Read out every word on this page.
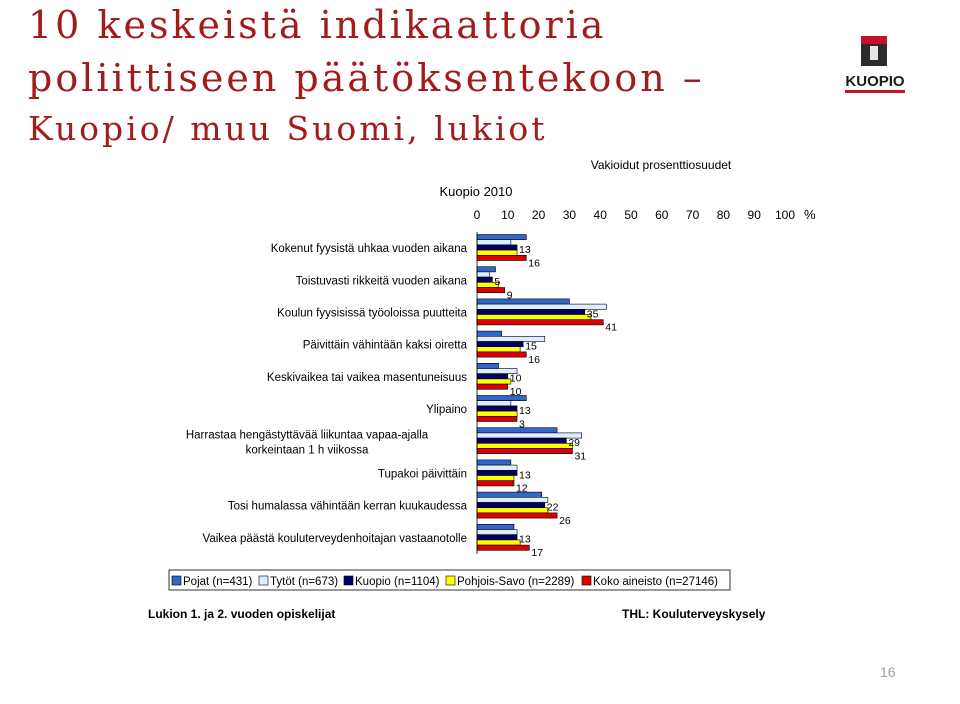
10 keskeistä indikaattoria
poliittiseen päätöksentekoon –
Kuopio/ muu Suomi, lukiot
KUOPIO
Kuopio 2010
Vakioidut prosenttiosuudet
%
0 10 20 30 40 50 60 70 80 90 100
Kokenut fyysistä uhkaa vuoden aikana
Toistuvasti rikkeitä vuoden aikana
Koulun fyysisissä työoloissa puutteita
Päivittäin vähintään kaksi oiretta
Keskivaikea tai vaikea masentuneisuus
Ylipaino
Harrastaa hengästyttävää liikuntaa vapaa-ajalla korkeintaan 1 h viikossa
Tupakoi päivittäin
Tosi humalassa vähintään kerran kuukaudessa
Vaikea päästä kouluterveydenhoitajan vastaanotolle
13
16
5
9
35
41
15
16
10
10
13
3
29
31
13
12
22
26
13
17
Pojat (n=431) Tytöt (n=673) Kuopio (n=1104) Pohjois-Savo (n=2289) Koko aineisto (n=27146)
Lukion 1. ja 2. vuoden opiskelijat	THL: Kouluterveyskysely
16
